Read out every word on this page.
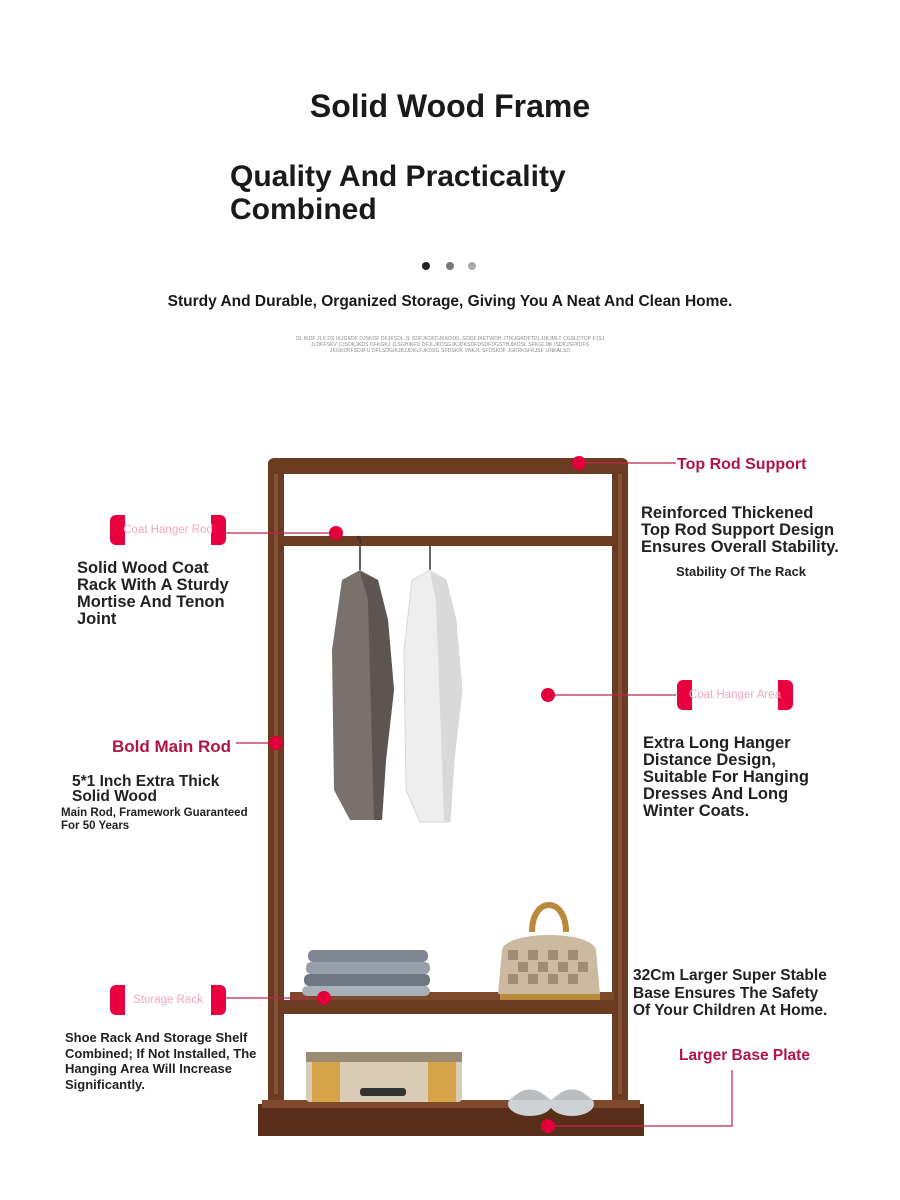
Solid Wood Frame
Quality And Practicality Combined
Sturdy And Durable, Organized Storage, Giving You A Neat And Clean Home.
OL IKDF JLX DS IKJGKDF DJSKDF DFJKSDL JL SDFJKDFDJKKDJKL GDDFJKETWDH JTIKJGKDFTDLJJKJMLT CGSLDTOP FJSJ JLDKFSKV CJSDKJKDS DFKGKJ JLSGHIKFD DFJLJKDSGJKJDKSDFDSDFDGSTHJIKDSL SFKGLJIK ISDKJSFKDFS JKGKDKFSDJFIJ DFLSDGIKJBJJDKLFJKDSG SFDSKIK VNKJL SFDSKDF JGKRKSFKJSF IJNKALSD
Top Rod Support
Reinforced Thickened
Top Rod Support Design
Ensures Overall Stability.
Stability Of The Rack
Coat Hanger Rod
Solid Wood Coat
Rack With A Sturdy
Mortise And Tenon
Joint
Coat Hanger Area
Extra Long Hanger
Distance Design,
Suitable For Hanging
Dresses And Long
Winter Coats.
Bold Main Rod
5*1 Inch Extra Thick
Solid Wood
Main Rod, Framework Guaranteed
For 50 Years
Storage Rack
Shoe Rack And Storage Shelf
Combined; If Not Installed, The
Hanging Area Will Increase
Significantly.
32Cm Larger Super Stable
Base Ensures The Safety
Of Your Children At Home.
Larger Base Plate
